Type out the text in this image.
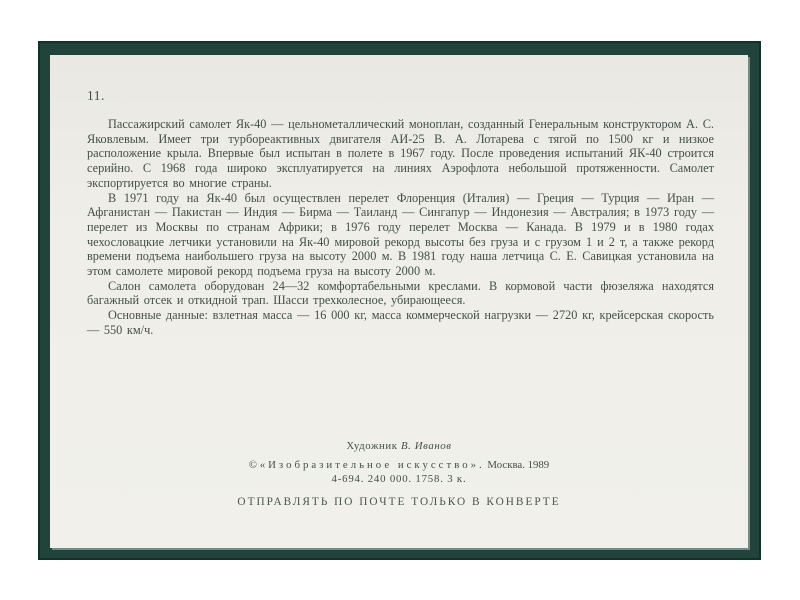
11.

Пассажирский самолет Як-40 — цельнометаллический моноплан, созданный Генеральным конструктором А. С. Яковлевым. Имеет три турбореактивных двигателя АИ-25 В. А. Лотарева с тягой по 1500 кг и низкое расположение крыла. Впервые был испытан в полете в 1967 году. После проведения испытаний ЯК-40 строится серийно. С 1968 года широко эксплуатируется на линиях Аэрофлота небольшой протяженности. Самолет экспортируется во многие страны.

В 1971 году на Як-40 был осуществлен перелет Флоренция (Италия) — Греция — Турция — Иран — Афганистан — Пакистан — Индия — Бирма — Таиланд — Сингапур — Индонезия — Австралия; в 1973 году — перелет из Москвы по странам Африки; в 1976 году перелет Москва — Канада. В 1979 и в 1980 годах чехословацкие летчики установили на Як-40 мировой рекорд высоты без груза и с грузом 1 и 2 т, а также рекорд времени подъема наибольшего груза на высоту 2000 м. В 1981 году наша летчица С. Е. Савицкая установила на этом самолете мировой рекорд подъема груза на высоту 2000 м.

Салон самолета оборудован 24—32 комфортабельными креслами. В кормовой части фюзеляжа находятся багажный отсек и откидной трап. Шасси трехколесное, убирающееся.

Основные данные: взлетная масса — 16 000 кг, масса коммерческой нагрузки — 2720 кг, крейсерская скорость — 550 км/ч.

Художник В. Иванов
© «Изобразительное искусство». Москва. 1989
4-694. 240 000. 1758. 3 к.
ОТПРАВЛЯТЬ ПО ПОЧТЕ ТОЛЬКО В КОНВЕРТЕ
